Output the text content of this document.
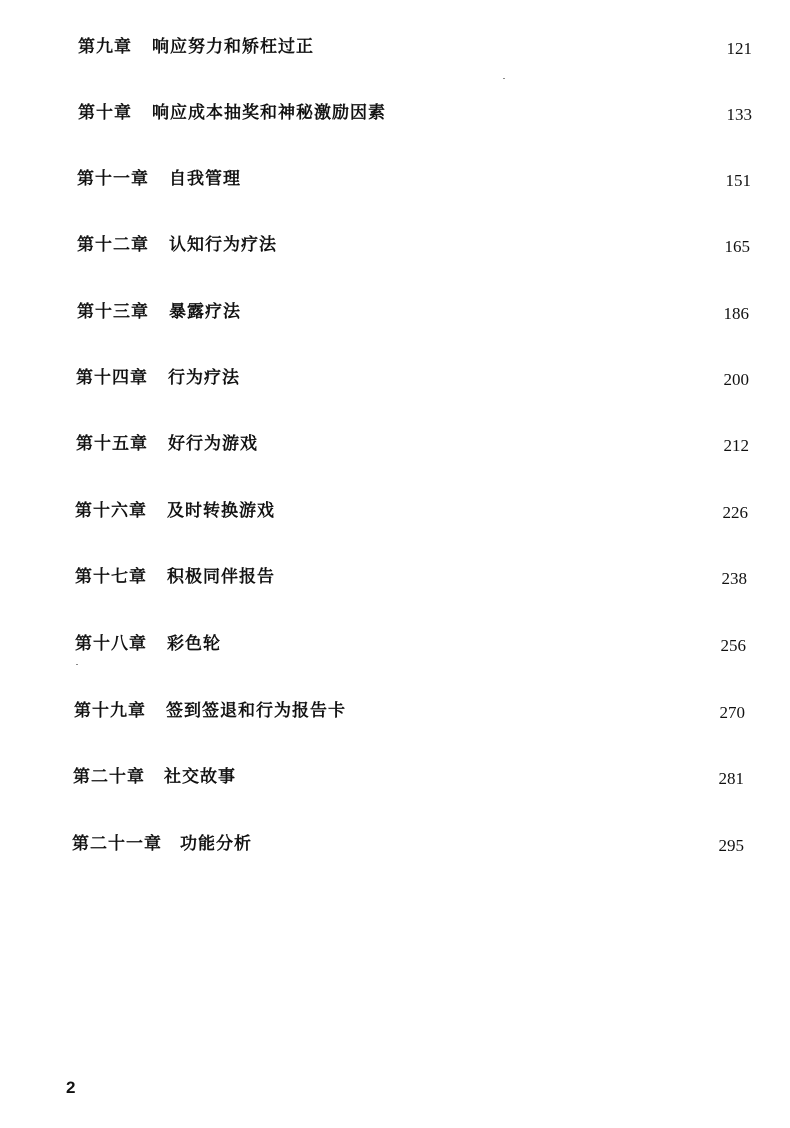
第九章 响应努力和矫枉过正	121
第十章 响应成本抽奖和神秘激励因素	133
第十一章 自我管理	151
第十二章 认知行为疗法	165
第十三章 暴露疗法	186
第十四章 行为疗法	200
第十五章 好行为游戏	212
第十六章 及时转换游戏	226
第十七章 积极同伴报告	238
第十八章 彩色轮	256
第十九章 签到签退和行为报告卡	270
第二十章 社交故事	281
第二十一章 功能分析	295
2
